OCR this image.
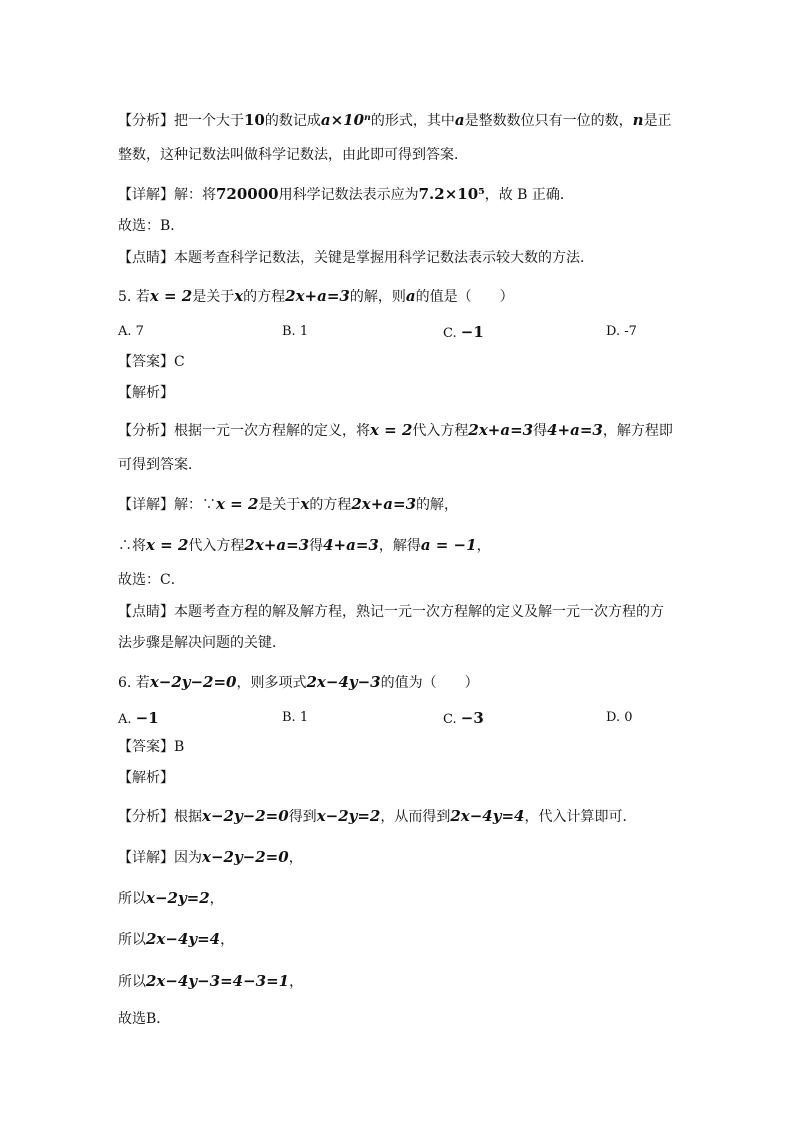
【分析】把一个大于10的数记成a×10ⁿ的形式，其中a是整数数位只有一位的数，n是正
整数，这种记数法叫做科学记数法，由此即可得到答案．
【详解】解：将720000用科学记数法表示应为7.2×10⁵，故 B 正确．
故选：B．
【点睛】本题考查科学记数法，关键是掌握用科学记数法表示较大数的方法．
5. 若x = 2是关于x的方程2x+a=3的解，则a的值是（　　）
A. 7	B. 1	C. −1	D. -7
【答案】C
【解析】
【分析】根据一元一次方程解的定义，将x = 2代入方程2x+a=3得4+a=3，解方程即
可得到答案．
【详解】解：∵x = 2是关于x的方程2x+a=3的解，
∴将x = 2代入方程2x+a=3得4+a=3，解得a = −1，
故选：C．
【点睛】本题考查方程的解及解方程，熟记一元一次方程解的定义及解一元一次方程的方
法步骤是解决问题的关键．
6. 若x−2y−2=0，则多项式2x−4y−3的值为（　　）
A. −1	B. 1	C. −3	D. 0
【答案】B
【解析】
【分析】根据x−2y−2=0得到x−2y=2，从而得到2x−4y=4，代入计算即可．
【详解】因为x−2y−2=0，
所以x−2y=2，
所以2x−4y=4，
所以2x−4y−3=4−3=1，
故选B．
